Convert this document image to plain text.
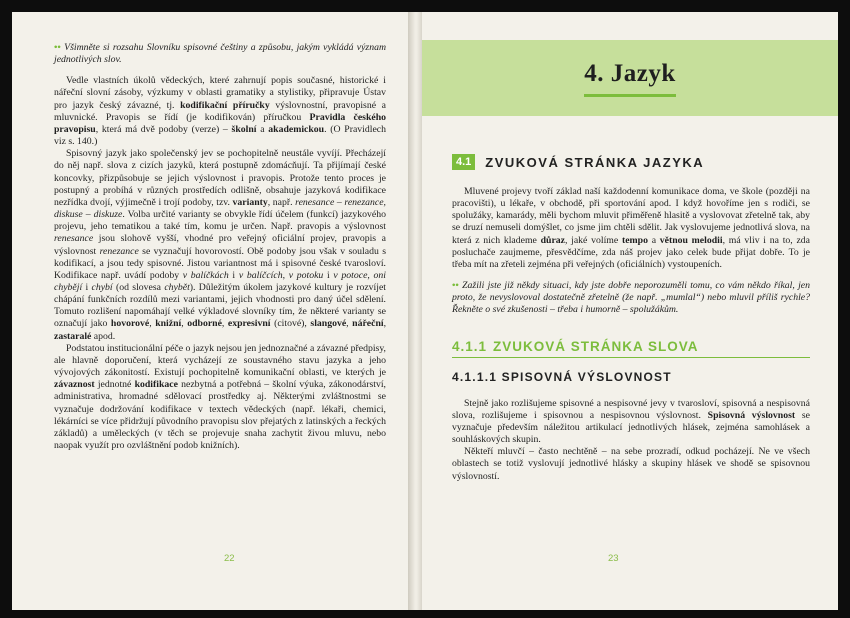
•• Všimněte si rozsahu Slovníku spisovné češtiny a způsobu, jakým vykládá význam jednotlivých slov.

Vedle vlastních úkolů vědeckých, které zahrnují popis současné, historické i nářeční slovní zásoby, výzkumy v oblasti gramatiky a stylistiky, připravuje Ústav pro jazyk český závazné, tj. kodifikační příručky výslovnostní, pravopisné a mluvnické. Pravopis se řídí (je kodifikován) příručkou Pravidla českého pravopisu, která má dvě podoby (verze) – školní a akademickou. (O Pravidlech viz s. 140.)

Spisovný jazyk jako společenský jev se pochopitelně neustále vyvíjí. Přecházejí do něj např. slova z cizích jazyků, která postupně zdomácňují. Ta přijímají české koncovky, přizpůsobuje se jejich výslovnost i pravopis. Protože tento proces je postupný a probíhá v různých prostředích odlišně, obsahuje jazyková kodifikace nezřídka dvojí, výjimečně i trojí podoby, tzv. varianty, např. renesance – renezance, diskuse – diskuze. Volba určité varianty se obvykle řídí účelem (funkcí) jazykového projevu, jeho tematikou a také tím, komu je určen. Např. pravopis a výslovnost renesance jsou slohově vyšší, vhodné pro veřejný oficiální projev, pravopis a výslovnost renezance se vyznačují hovorovostí. Obě podoby jsou však v souladu s kodifikací, a jsou tedy spisovné. Jistou variantnost má i spisovné české tvarosloví. Kodifikace např. uvádí podoby v balíčkách i v balíčcích, v potoku i v potoce, oni chybějí i chybí (od slovesa chybět). Důležitým úkolem jazykové kultury je rozvíjet chápání funkčních rozdílů mezi variantami, jejich vhodnosti pro daný účel sdělení. Tomuto rozlišení napomáhají velké výkladové slovníky tím, že některé varianty se označují jako hovorové, knižní, odborné, expresivní (citové), slangové, nářeční, zastaralé apod.

Podstatou institucionální péče o jazyk nejsou jen jednoznačné a závazné předpisy, ale hlavně doporučení, která vycházejí ze soustavného stavu jazyka a jeho vývojových zákonitostí. Existují pochopitelně komunikační oblasti, ve kterých je závaznost jednotné kodifikace nezbytná a potřebná – školní výuka, zákonodárství, administrativa, hromadné sdělovací prostředky aj. Některými zvláštnostmi se vyznačuje dodržování kodifikace v textech vědeckých (např. lékaři, chemici, lékárníci se více přidržují původního pravopisu slov přejatých z latinských a řeckých základů) a uměleckých (v těch se projevuje snaha zachytit živou mluvu, nebo naopak využít pro ozvláštnění podob knižních).

22
4. Jazyk
4.1	ZVUKOVÁ STRÁNKA JAZYKA

Mluvené projevy tvoří základ naší každodenní komunikace doma, ve škole (později na pracovišti), u lékaře, v obchodě, při sportování apod. I když hovoříme jen s rodiči, se spolužáky, kamarády, měli bychom mluvit přiměřeně hlasitě a vyslovovat zřetelně tak, aby se druzí nemuseli domýšlet, co jsme jim chtěli sdělit. Jak vyslovujeme jednotlivá slova, na která z nich klademe důraz, jaké volíme tempo a větnou melodii, má vliv i na to, zda posluchače zaujmeme, přesvědčíme, zda náš projev jako celek bude přijat dobře. To je třeba mít na zřeteli zejména při veřejných (oficiálních) vystoupeních.

•• Zažili jste již někdy situaci, kdy jste dobře neporozuměli tomu, co vám někdo říkal, jen proto, že nevyslovoval dostatečně zřetelně (že např. „mumlal“) nebo mluvil příliš rychle? Řekněte o své zkušenosti – třeba i humorně – spolužákům.

4.1.1 ZVUKOVÁ STRÁNKA SLOVA
4.1.1.1 SPISOVNÁ VÝSLOVNOST

Stejně jako rozlišujeme spisovné a nespisovné jevy v tvarosloví, spisovná a nespisovná slova, rozlišujeme i spisovnou a nespisovnou výslovnost. Spisovná výslovnost se vyznačuje především náležitou artikulací jednotlivých hlásek, zejména samohlásek a souhláskových skupin.

Někteří mluvčí – často nechtěně – na sebe prozradí, odkud pocházejí. Ne ve všech oblastech se totiž vyslovují jednotlivé hlásky a skupiny hlásek ve shodě se spisovnou výslovností.

23
